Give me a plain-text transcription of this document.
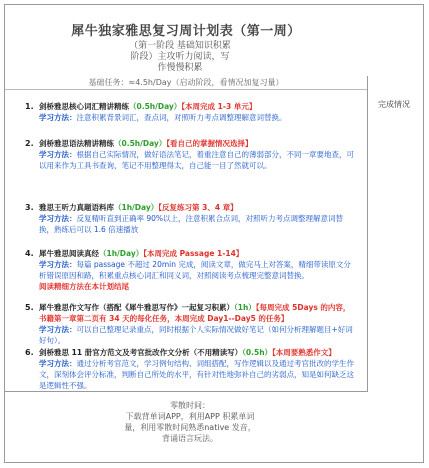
犀牛独家雅思复习周计划表（第一周）
（第一阶段 基础知识积累
阶段）主攻听力阅读，写
作慢慢积累
基础任务：≈4.5h/Day（启动阶段，看情况加复习量）
完成情况
1. 剑桥雅思核心词汇精讲精练（0.5h/Day）【本周完成 1-3 单元】
学习方法：注意积累背景词汇，查点词，对照听力考点调整理解意词替换。
2. 剑桥雅思语法精讲精练（0.5h/Day）【看自己的掌握情况选择】
学习方法：根据自己实际情况，做好语法笔记，着重注意自己的薄弱部分，不同一章要地查，可以用来作为工具书查询，笔记不用整理得太，自己能一目了然就可以。
3. 雅思王听力真题语料库（1h/Day）【反复练习第 3、4 章】
学习方法：反复精听直到正确率 90%以上，注意积累合点词，对照听力考点调整理解意词替换，熟练后可以 1.6 倍速播放
4. 犀牛雅思阅读真经（1h/Day）【本周完成 Passage 1-14】
学习方法：每篇 passage 不超过 20min 完成，阅读文章，做完马上对答案，精细带读原文分析错误原因和路，积累重点核心词汇和同义词，对照阅读考点梳理完整意词替换。
阅读精细方法在本计划结尾
5. 犀牛雅思作文写作（搭配《犀牛雅思写作》一起复习积累）（1h）【每周完成 5Days 的内容，书籍第一章第二页有 34 天的每化任务，本周完成 Day1--Day5 的任务】
学习方法：可以自己整理记录重点，同时根据个人实际情况做好笔记（如何分析理解题目+好词好句）。
6. 剑桥雅思 11 册官方范文及考官批改作文分析（不用精读写）（0.5h）【本周要熟悉作文】
学习方法：通过分析考官范文，学习例句结构、词组搭配，写作逻辑以及通过考官批改的学生作文，深刻体会评分标准，判断自己所处的水平，有针对性地弥补自己的劣弱点，知是如何缺乏这是逻辑性不强。
零散时间：
下载背单词APP，利用APP 积累单词
量，利用零散时间熟悉native 发音，
背诵语言玩法。
